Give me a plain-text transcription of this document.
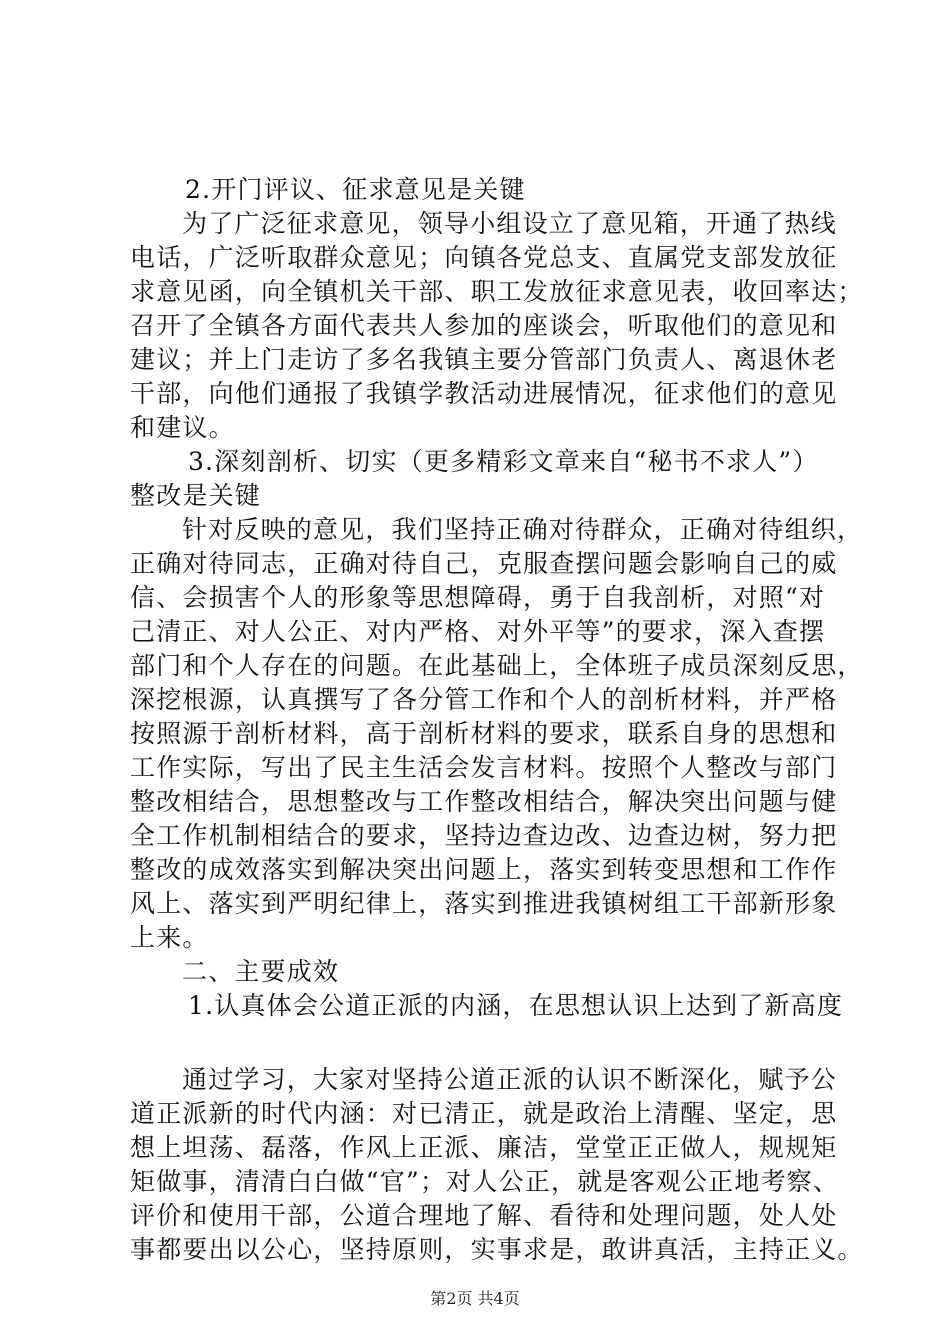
2.开门评议、征求意见是关键
为了广泛征求意见，领导小组设立了意见箱，开通了热线
电话，广泛听取群众意见；向镇各党总支、直属党支部发放征
求意见函，向全镇机关干部、职工发放征求意见表，收回率达；
召开了全镇各方面代表共人参加的座谈会，听取他们的意见和
建议；并上门走访了多名我镇主要分管部门负责人、离退休老
干部，向他们通报了我镇学教活动进展情况，征求他们的意见
和建议。
3.深刻剖析、切实（更多精彩文章来自“秘书不求人”）
整改是关键
针对反映的意见，我们坚持正确对待群众，正确对待组织，
正确对待同志，正确对待自己，克服查摆问题会影响自己的威
信、会损害个人的形象等思想障碍，勇于自我剖析，对照“对
己清正、对人公正、对内严格、对外平等”的要求，深入查摆
部门和个人存在的问题。在此基础上，全体班子成员深刻反思，
深挖根源，认真撰写了各分管工作和个人的剖析材料，并严格
按照源于剖析材料，高于剖析材料的要求，联系自身的思想和
工作实际，写出了民主生活会发言材料。按照个人整改与部门
整改相结合，思想整改与工作整改相结合，解决突出问题与健
全工作机制相结合的要求，坚持边查边改、边查边树，努力把
整改的成效落实到解决突出问题上，落实到转变思想和工作作
风上、落实到严明纪律上，落实到推进我镇树组工干部新形象
上来。
二、主要成效
1.认真体会公道正派的内涵，在思想认识上达到了新高度
通过学习，大家对坚持公道正派的认识不断深化，赋予公
道正派新的时代内涵：对已清正，就是政治上清醒、坚定，思
想上坦荡、磊落，作风上正派、廉洁，堂堂正正做人，规规矩
矩做事，清清白白做“官”；对人公正，就是客观公正地考察、
评价和使用干部，公道合理地了解、看待和处理问题，处人处
事都要出以公心，坚持原则，实事求是，敢讲真活，主持正义。
第2页 共4页
